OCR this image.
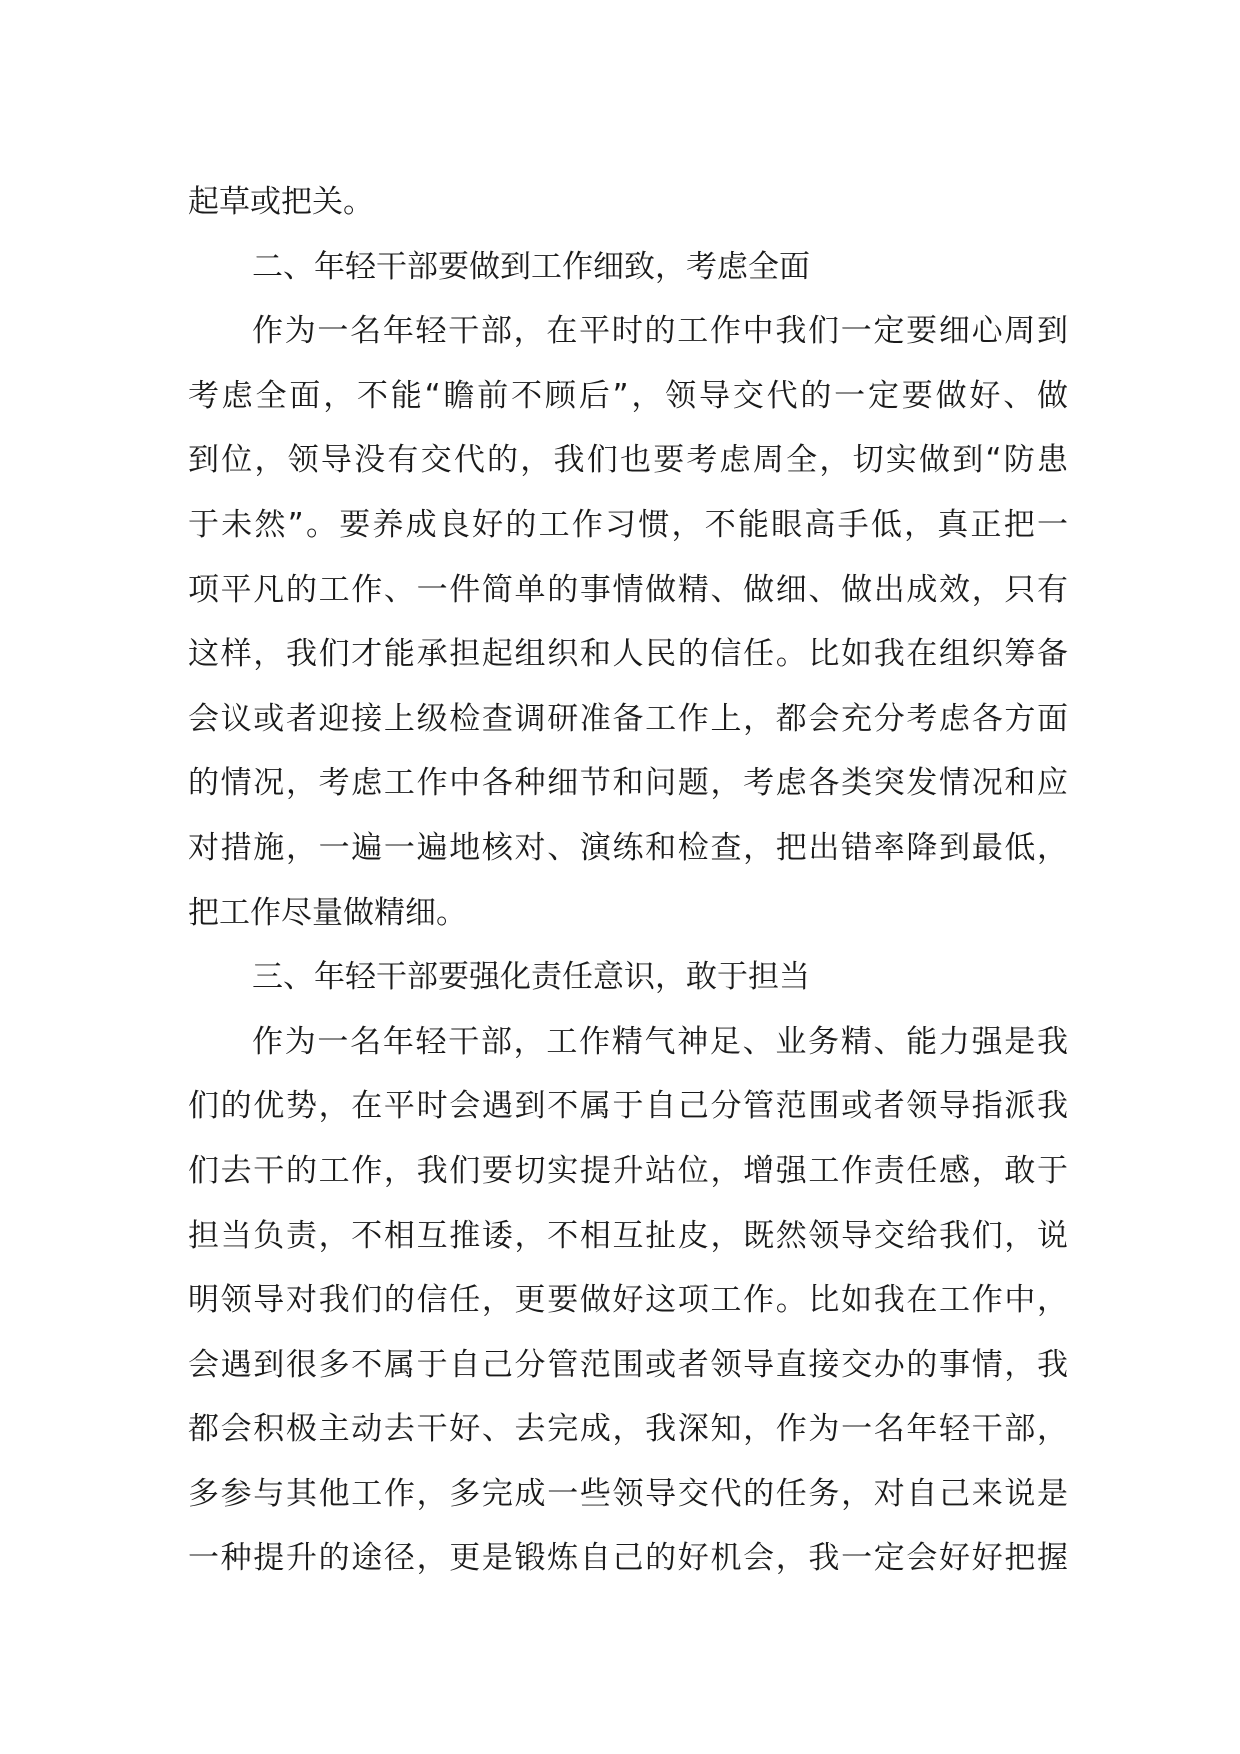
起草或把关。
二、年轻干部要做到工作细致，考虑全面
作为一名年轻干部，在平时的工作中我们一定要细心周到
考虑全面，不能“瞻前不顾后”，领导交代的一定要做好、做
到位，领导没有交代的，我们也要考虑周全，切实做到“防患
于未然”。要养成良好的工作习惯，不能眼高手低，真正把一
项平凡的工作、一件简单的事情做精、做细、做出成效，只有
这样，我们才能承担起组织和人民的信任。比如我在组织筹备
会议或者迎接上级检查调研准备工作上，都会充分考虑各方面
的情况，考虑工作中各种细节和问题，考虑各类突发情况和应
对措施，一遍一遍地核对、演练和检查，把出错率降到最低，
把工作尽量做精细。
三、年轻干部要强化责任意识，敢于担当
作为一名年轻干部，工作精气神足、业务精、能力强是我
们的优势，在平时会遇到不属于自己分管范围或者领导指派我
们去干的工作，我们要切实提升站位，增强工作责任感，敢于
担当负责，不相互推诿，不相互扯皮，既然领导交给我们，说
明领导对我们的信任，更要做好这项工作。比如我在工作中，
会遇到很多不属于自己分管范围或者领导直接交办的事情，我
都会积极主动去干好、去完成，我深知，作为一名年轻干部，
多参与其他工作，多完成一些领导交代的任务，对自己来说是
一种提升的途径，更是锻炼自己的好机会，我一定会好好把握
